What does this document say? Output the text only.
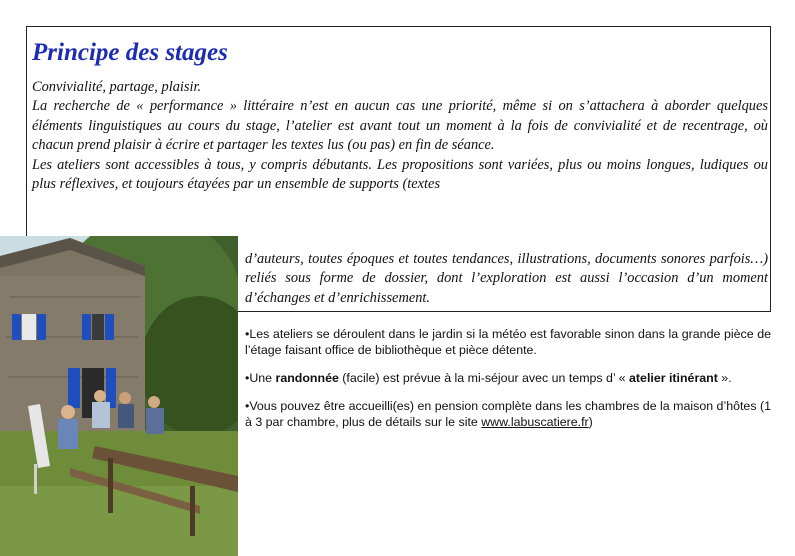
Principe des stages

Convivialité, partage, plaisir.

La recherche de « performance » littéraire n’est en aucun cas une priorité, même si on s’attachera à aborder quelques éléments linguistiques au cours du stage, l’atelier est avant tout un moment à la fois de convivialité et de recentrage, où chacun prend plaisir à écrire et partager les textes lus (ou pas) en fin de séance.

Les ateliers sont accessibles à tous, y compris débutants. Les propositions sont variées, plus ou moins longues, ludiques ou plus réflexives, et toujours étayées par un ensemble de supports (textes

d’auteurs, toutes époques et toutes tendances, illustrations, documents sonores parfois…) reliés sous forme de dossier, dont l’exploration est aussi l’occasion d’un moment d’échanges et d’enrichissement.

•Les ateliers se déroulent dans le jardin si la météo est favorable sinon dans la grande pièce de l’étage faisant office de bibliothèque et pièce détente.

•Une randonnée (facile) est prévue à la mi-séjour avec un temps d’ « atelier itinérant ».

•Vous pouvez être accueilli(es) en pension complète dans les chambres de la maison d’hôtes (1 à 3 par chambre, plus de détails sur le site www.labuscatiere.fr)
